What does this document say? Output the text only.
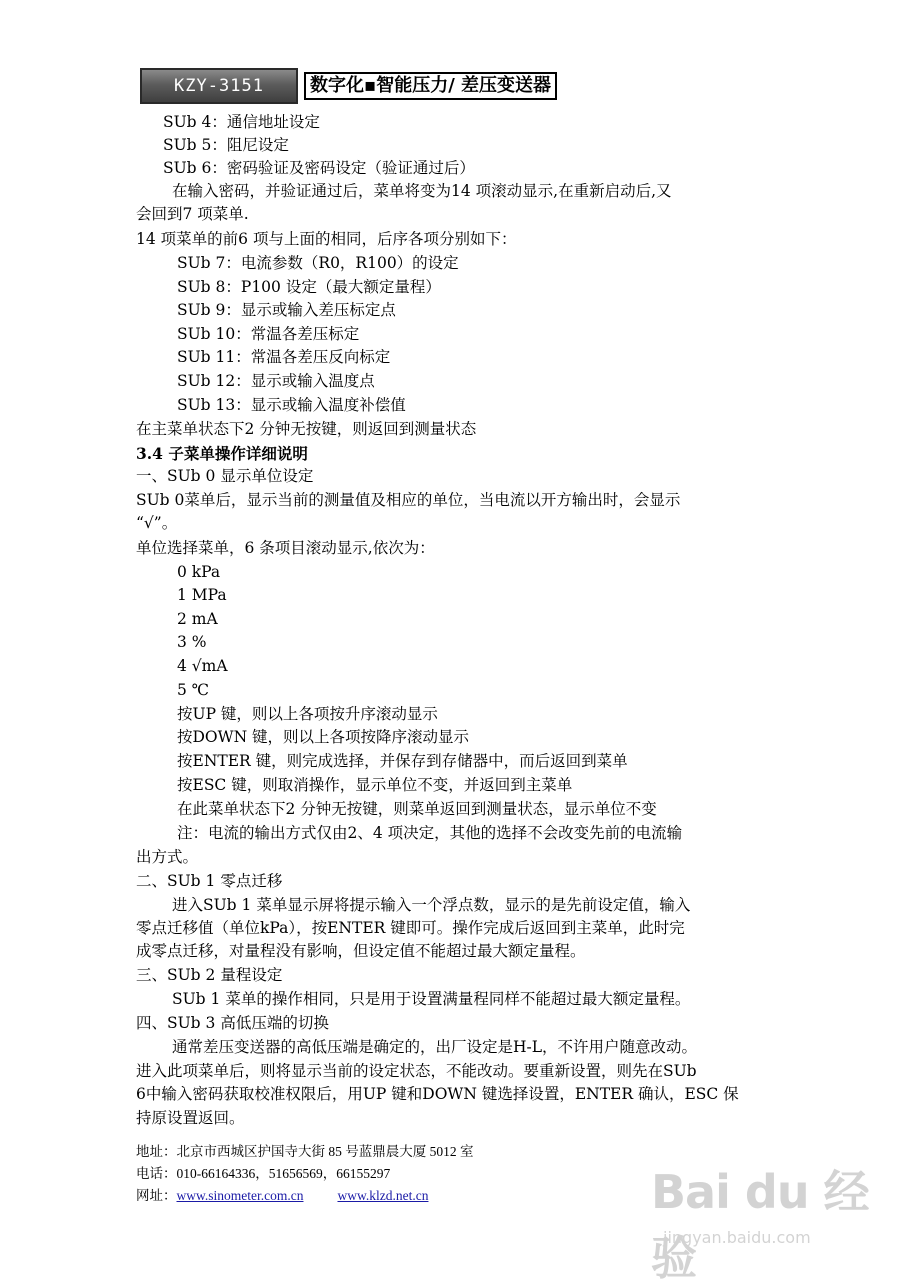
KZY-3151	数字化▪智能压力/ 差压变送器
SUb 4：通信地址设定
SUb 5：阻尼设定
SUb 6：密码验证及密码设定（验证通过后）
在输入密码，并验证通过后，菜单将变为14 项滚动显示,在重新启动后,又
会回到7 项菜单.
14 项菜单的前6 项与上面的相同，后序各项分别如下：
SUb 7：电流参数（R0，R100）的设定
SUb 8：P100 设定（最大额定量程）
SUb 9：显示或输入差压标定点
SUb 10：常温各差压标定
SUb 11：常温各差压反向标定
SUb 12：显示或输入温度点
SUb 13：显示或输入温度补偿值
在主菜单状态下2 分钟无按键，则返回到测量状态
3.4 子菜单操作详细说明
一、SUb 0 显示单位设定
SUb 0菜单后，显示当前的测量值及相应的单位，当电流以开方输出时，会显示
“√”。
单位选择菜单，6 条项目滚动显示,依次为：
0 kPa
1 MPa
2 mA
3 %
4 √mA
5 ℃
按UP 键，则以上各项按升序滚动显示
按DOWN 键，则以上各项按降序滚动显示
按ENTER 键，则完成选择，并保存到存储器中，而后返回到菜单
按ESC 键，则取消操作，显示单位不变，并返回到主菜单
在此菜单状态下2 分钟无按键，则菜单返回到测量状态，显示单位不变
注：电流的输出方式仅由2、4 项决定，其他的选择不会改变先前的电流输
出方式。
二、SUb 1 零点迁移
进入SUb 1 菜单显示屏将提示输入一个浮点数，显示的是先前设定值，输入
零点迁移值（单位kPa），按ENTER 键即可。操作完成后返回到主菜单，此时完
成零点迁移，对量程没有影响，但设定值不能超过最大额定量程。
三、SUb 2 量程设定
SUb 1 菜单的操作相同，只是用于设置满量程同样不能超过最大额定量程。
四、SUb 3 高低压端的切换
通常差压变送器的高低压端是确定的，出厂设定是H-L，不许用户随意改动。
进入此项菜单后，则将显示当前的设定状态，不能改动。要重新设置，则先在SUb
6中输入密码获取校准权限后，用UP 键和DOWN 键选择设置，ENTER 确认，ESC 保
持原设置返回。
地址：北京市西城区护国寺大街 85 号蓝鼎晨大厦 5012 室
电话：010-66164336，51656569，66155297
网址：www.sinometer.com.cn	www.klzd.net.cn	Bai du 经验
jingyan.baidu.com
